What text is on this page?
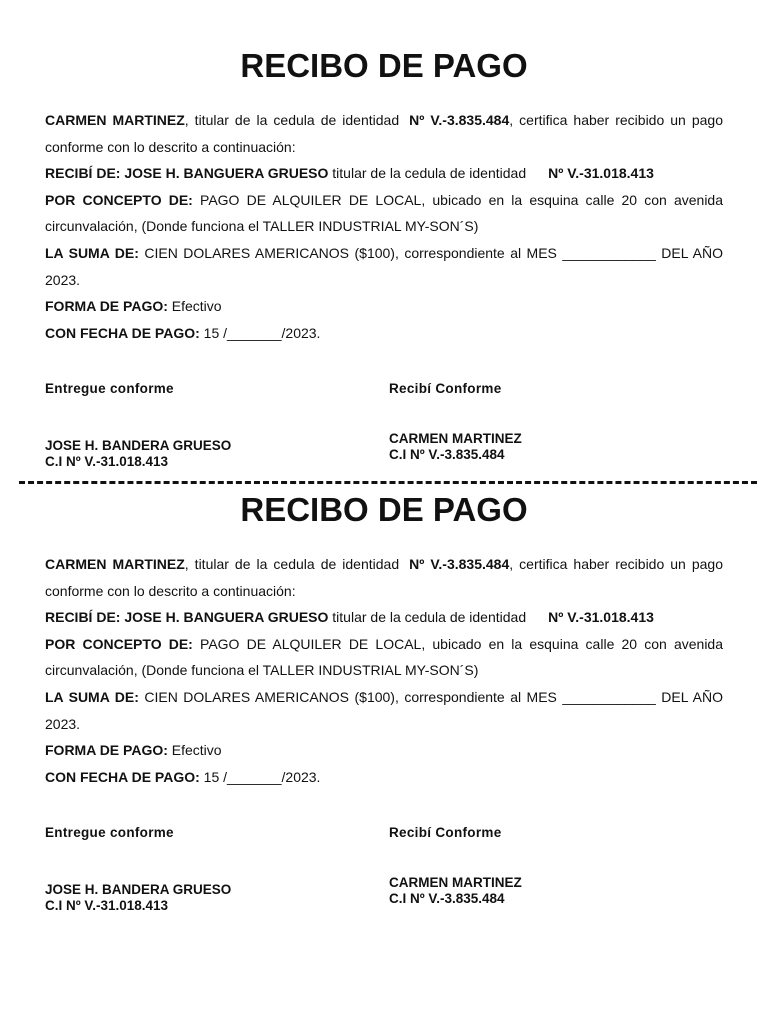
RECIBO DE PAGO

CARMEN MARTINEZ, titular de la cedula de identidad Nº V.-3.835.484, certifica haber recibido un pago conforme con lo descrito a continuación:

RECIBÍ DE: JOSE H. BANGUERA GRUESO titular de la cedula de identidad Nº V.-31.018.413

POR CONCEPTO DE: PAGO DE ALQUILER DE LOCAL, ubicado en la esquina calle 20 con avenida circunvalación, (Donde funciona el TALLER INDUSTRIAL MY-SON´S)

LA SUMA DE: CIEN DOLARES AMERICANOS ($100), correspondiente al MES ____________ DEL AÑO 2023.

FORMA DE PAGO: Efectivo

CON FECHA DE PAGO: 15 /_______/2023.

Entregue conforme	Recibí Conforme
JOSE H. BANDERA GRUESO
C.I Nº V.-31.018.413
CARMEN MARTINEZ
C.I Nº V.-3.835.484
RECIBO DE PAGO

CARMEN MARTINEZ, titular de la cedula de identidad Nº V.-3.835.484, certifica haber recibido un pago conforme con lo descrito a continuación:

RECIBÍ DE: JOSE H. BANGUERA GRUESO titular de la cedula de identidad Nº V.-31.018.413

POR CONCEPTO DE: PAGO DE ALQUILER DE LOCAL, ubicado en la esquina calle 20 con avenida circunvalación, (Donde funciona el TALLER INDUSTRIAL MY-SON´S)

LA SUMA DE: CIEN DOLARES AMERICANOS ($100), correspondiente al MES ____________ DEL AÑO 2023.

FORMA DE PAGO: Efectivo

CON FECHA DE PAGO: 15 /_______/2023.

Entregue conforme	Recibí Conforme
JOSE H. BANDERA GRUESO
C.I Nº V.-31.018.413
CARMEN MARTINEZ
C.I Nº V.-3.835.484
